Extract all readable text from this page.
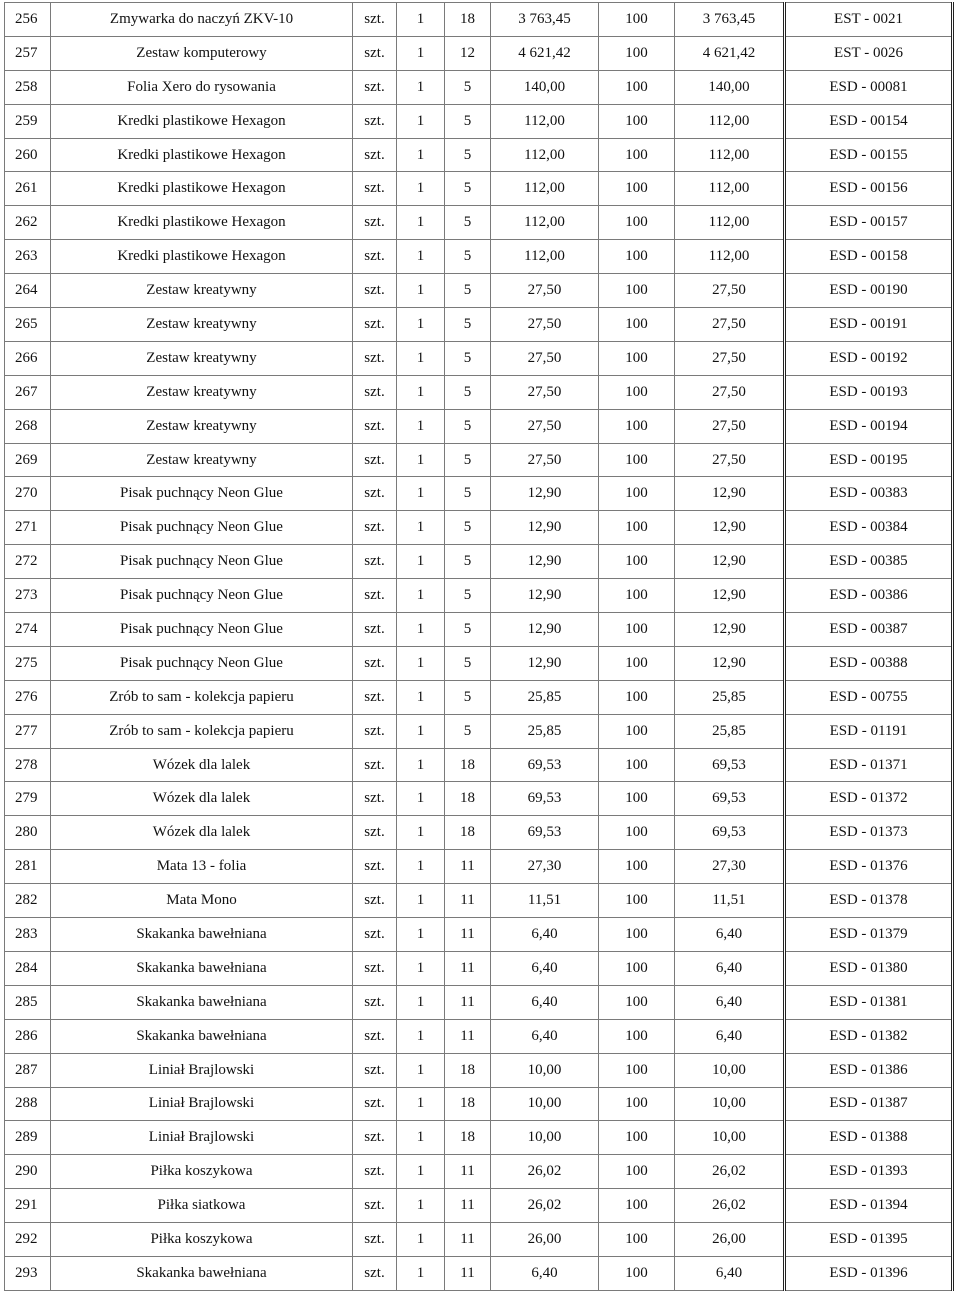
256	Zmywarka do naczyń ZKV-10	szt.	1	18	3 763,45	100	3 763,45	EST - 0021
257	Zestaw komputerowy	szt.	1	12	4 621,42	100	4 621,42	EST - 0026
258	Folia Xero do rysowania	szt.	1	5	140,00	100	140,00	ESD - 00081
259	Kredki plastikowe Hexagon	szt.	1	5	112,00	100	112,00	ESD - 00154
260	Kredki plastikowe Hexagon	szt.	1	5	112,00	100	112,00	ESD - 00155
261	Kredki plastikowe Hexagon	szt.	1	5	112,00	100	112,00	ESD - 00156
262	Kredki plastikowe Hexagon	szt.	1	5	112,00	100	112,00	ESD - 00157
263	Kredki plastikowe Hexagon	szt.	1	5	112,00	100	112,00	ESD - 00158
264	Zestaw kreatywny	szt.	1	5	27,50	100	27,50	ESD - 00190
265	Zestaw kreatywny	szt.	1	5	27,50	100	27,50	ESD - 00191
266	Zestaw kreatywny	szt.	1	5	27,50	100	27,50	ESD - 00192
267	Zestaw kreatywny	szt.	1	5	27,50	100	27,50	ESD - 00193
268	Zestaw kreatywny	szt.	1	5	27,50	100	27,50	ESD - 00194
269	Zestaw kreatywny	szt.	1	5	27,50	100	27,50	ESD - 00195
270	Pisak puchnący Neon Glue	szt.	1	5	12,90	100	12,90	ESD - 00383
271	Pisak puchnący Neon Glue	szt.	1	5	12,90	100	12,90	ESD - 00384
272	Pisak puchnący Neon Glue	szt.	1	5	12,90	100	12,90	ESD - 00385
273	Pisak puchnący Neon Glue	szt.	1	5	12,90	100	12,90	ESD - 00386
274	Pisak puchnący Neon Glue	szt.	1	5	12,90	100	12,90	ESD - 00387
275	Pisak puchnący Neon Glue	szt.	1	5	12,90	100	12,90	ESD - 00388
276	Zrób to sam - kolekcja papieru	szt.	1	5	25,85	100	25,85	ESD - 00755
277	Zrób to sam - kolekcja papieru	szt.	1	5	25,85	100	25,85	ESD - 01191
278	Wózek dla lalek	szt.	1	18	69,53	100	69,53	ESD - 01371
279	Wózek dla lalek	szt.	1	18	69,53	100	69,53	ESD - 01372
280	Wózek dla lalek	szt.	1	18	69,53	100	69,53	ESD - 01373
281	Mata 13 - folia	szt.	1	11	27,30	100	27,30	ESD - 01376
282	Mata Mono	szt.	1	11	11,51	100	11,51	ESD - 01378
283	Skakanka bawełniana	szt.	1	11	6,40	100	6,40	ESD - 01379
284	Skakanka bawełniana	szt.	1	11	6,40	100	6,40	ESD - 01380
285	Skakanka bawełniana	szt.	1	11	6,40	100	6,40	ESD - 01381
286	Skakanka bawełniana	szt.	1	11	6,40	100	6,40	ESD - 01382
287	Liniał Brajlowski	szt.	1	18	10,00	100	10,00	ESD - 01386
288	Liniał Brajlowski	szt.	1	18	10,00	100	10,00	ESD - 01387
289	Liniał Brajlowski	szt.	1	18	10,00	100	10,00	ESD - 01388
290	Piłka koszykowa	szt.	1	11	26,02	100	26,02	ESD - 01393
291	Piłka siatkowa	szt.	1	11	26,02	100	26,02	ESD - 01394
292	Piłka koszykowa	szt.	1	11	26,00	100	26,00	ESD - 01395
293	Skakanka bawełniana	szt.	1	11	6,40	100	6,40	ESD - 01396
